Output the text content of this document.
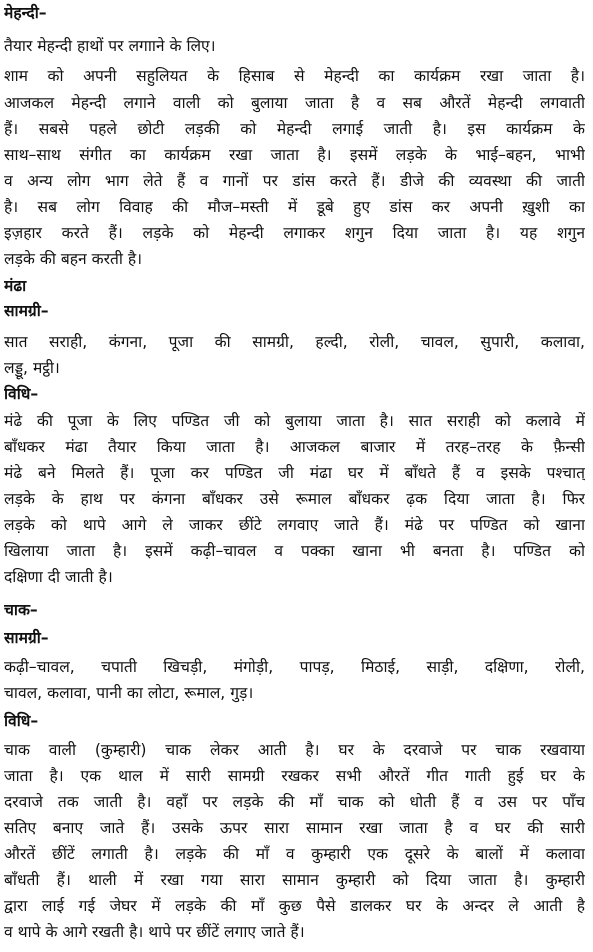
मेहन्दी–
तैयार मेहन्दी हाथों पर लगााने के लिए।
शाम को अपनी सहुलियत के हिसाब से मेहन्दी का कार्यक्रम रखा जाता है।
आजकल मेहन्दी लगाने वाली को बुलाया जाता है व सब औरतें मेहन्दी लगवाती
हैं। सबसे पहले छोटी लड़की को मेहन्दी लगाई जाती है। इस कार्यक्रम के
साथ–साथ संगीत का कार्यक्रम रखा जाता है। इसमें लड़के के भाई–बहन, भाभी
व अन्य लोग भाग लेते हैं व गानों पर डांस करते हैं। डीजे की व्यवस्था की जाती
है। सब लोग विवाह की मौज–मस्ती में डूबे हुए डांस कर अपनी ख़ुशी का
इज़हार करते हैं। लड़के को मेहन्दी लगाकर शगुन दिया जाता है। यह शगुन
लड़के की बहन करती है।
मंढा
सामग्री–
सात सराही, कंगना, पूजा की सामग्री, हल्दी, रोली, चावल, सुपारी, कलावा,
लड्डू, मट्ठी।
विधि–
मंढे की पूजा के लिए पण्डित जी को बुलाया जाता है। सात सराही को कलावे में
बाँधकर मंढा तैयार किया जाता है। आजकल बाजार में तरह–तरह के फ़ैन्सी
मंढे बने मिलते हैं। पूजा कर पण्डित जी मंढा घर में बाँधते हैं व इसके पश्चात्
लड़के के हाथ पर कंगना बाँधकर उसे रूमाल बाँधकर ढ़क दिया जाता है। फिर
लड़के को थापे आगे ले जाकर छींटे लगवाए जाते हैं। मंढे पर पण्डित को खाना
खिलाया जाता है। इसमें कढ़ी–चावल व पक्का खाना भी बनता है। पण्डित को
दक्षिणा दी जाती है।
चाक–
सामग्री–
कढ़ी–चावल, चपाती खिचड़ी, मंगोड़ी, पापड़, मिठाई, साड़ी, दक्षिणा, रोली,
चावल, कलावा, पानी का लोटा, रूमाल, गुड़।
विधि–
चाक वाली (कुम्हारी) चाक लेकर आती है। घर के दरवाजे पर चाक रखवाया
जाता है। एक थाल में सारी सामग्री रखकर सभी औरतें गीत गाती हुई घर के
दरवाजे तक जाती है। वहाँ पर लड़के की माँ चाक को धोती हैं व उस पर पाँच
सतिए बनाए जाते हैं। उसके ऊपर सारा सामान रखा जाता है व घर की सारी
औरतें छींटें लगाती है। लड़के की माँ व कुम्हारी एक दूसरे के बालों में कलावा
बाँधती हैं। थाली में रखा गया सारा सामान कुम्हारी को दिया जाता है। कुम्हारी
द्वारा लाई गई जेघर में लड़के की माँ कुछ पैसे डालकर घर के अन्दर ले आती है
व थापे के आगे रखती है। थापे पर छींटें लगाए जाते हैं।
